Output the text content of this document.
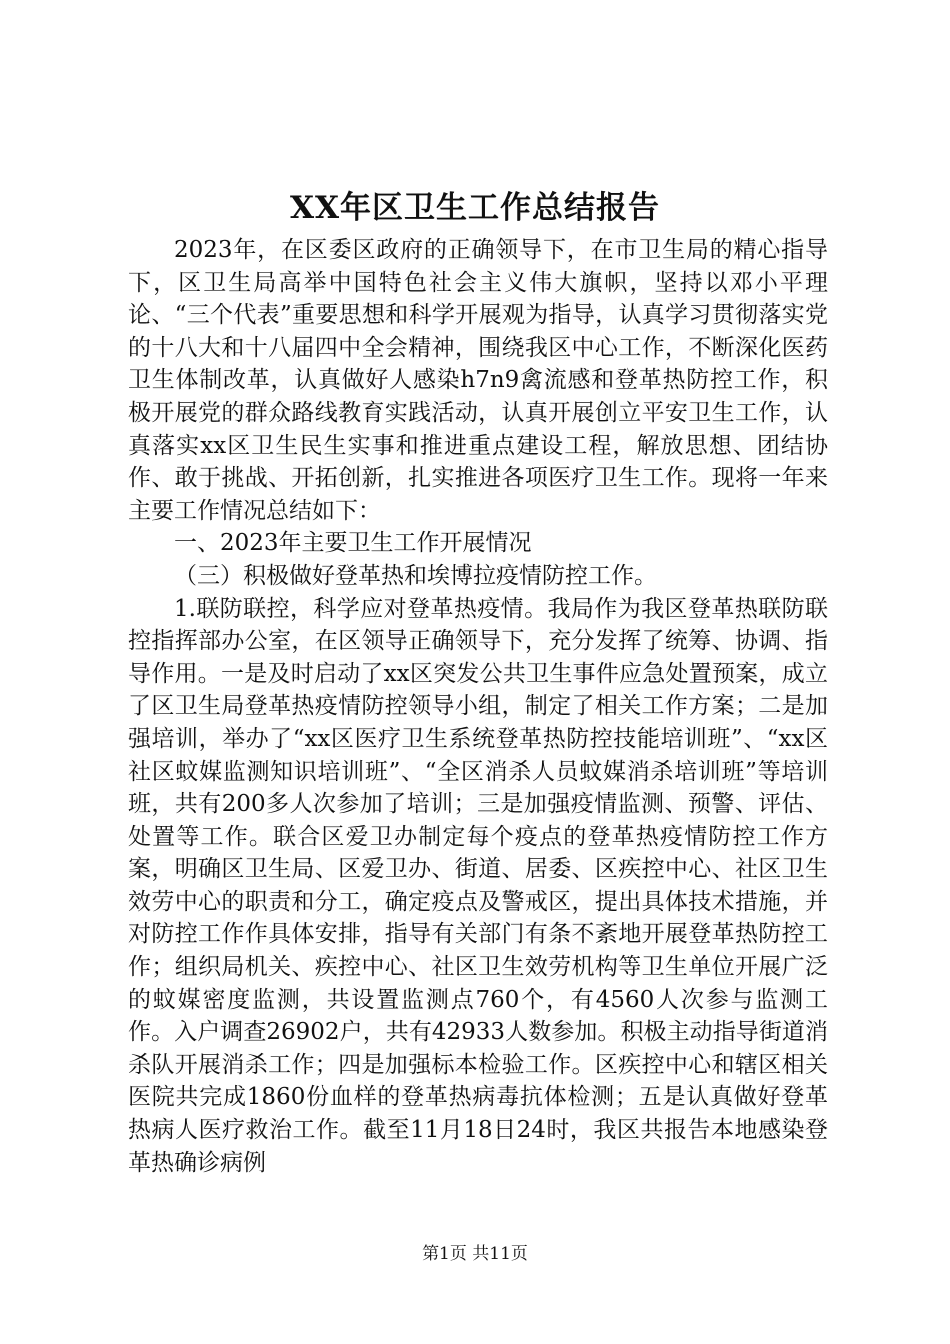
XX年区卫生工作总结报告

2023年，在区委区政府的正确领导下，在市卫生局的精心指导下，区卫生局高举中国特色社会主义伟大旗帜，坚持以邓小平理论、“三个代表”重要思想和科学开展观为指导，认真学习贯彻落实党的十八大和十八届四中全会精神，围绕我区中心工作，不断深化医药卫生体制改革，认真做好人感染h7n9禽流感和登革热防控工作，积极开展党的群众路线教育实践活动，认真开展创立平安卫生工作，认真落实xx区卫生民生实事和推进重点建设工程，解放思想、团结协作、敢于挑战、开拓创新，扎实推进各项医疗卫生工作。现将一年来主要工作情况总结如下：

一、2023年主要卫生工作开展情况

（三）积极做好登革热和埃博拉疫情防控工作。

1.联防联控，科学应对登革热疫情。我局作为我区登革热联防联控指挥部办公室，在区领导正确领导下，充分发挥了统筹、协调、指导作用。一是及时启动了xx区突发公共卫生事件应急处置预案，成立了区卫生局登革热疫情防控领导小组，制定了相关工作方案；二是加强培训，举办了“xx区医疗卫生系统登革热防控技能培训班”、“xx区社区蚊媒监测知识培训班”、“全区消杀人员蚊媒消杀培训班”等培训班，共有200多人次参加了培训；三是加强疫情监测、预警、评估、处置等工作。联合区爱卫办制定每个疫点的登革热疫情防控工作方案，明确区卫生局、区爱卫办、街道、居委、区疾控中心、社区卫生效劳中心的职责和分工，确定疫点及警戒区，提出具体技术措施，并对防控工作作具体安排，指导有关部门有条不紊地开展登革热防控工作；组织局机关、疾控中心、社区卫生效劳机构等卫生单位开展广泛的蚊媒密度监测，共设置监测点760个，有4560人次参与监测工作。入户调查26902户，共有42933人数参加。积极主动指导街道消杀队开展消杀工作；四是加强标本检验工作。区疾控中心和辖区相关医院共完成1860份血样的登革热病毒抗体检测；五是认真做好登革热病人医疗救治工作。截至11月18日24时，我区共报告本地感染登革热确诊病例

第1页 共11页
